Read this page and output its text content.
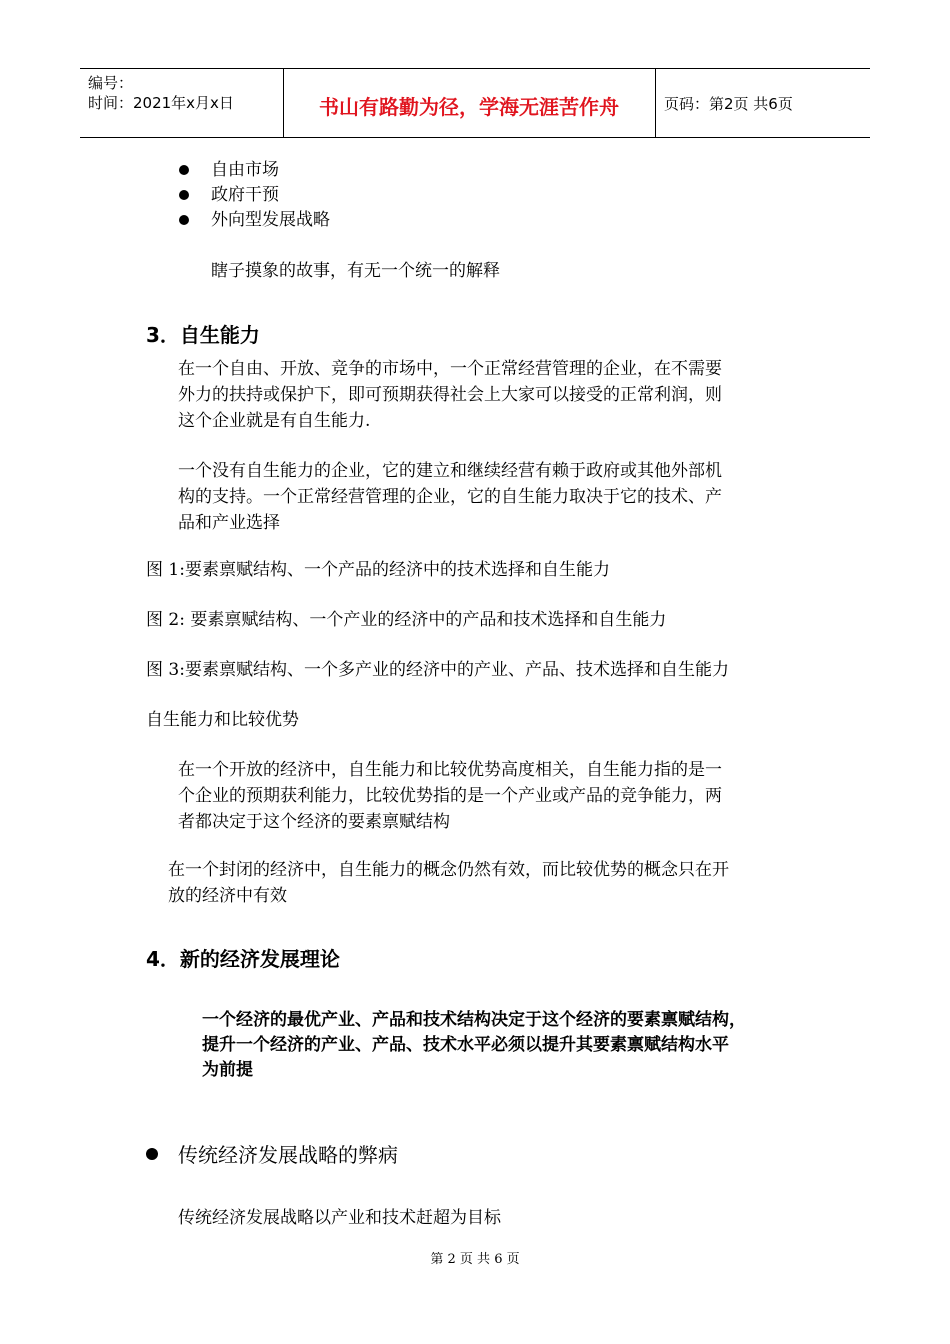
编号：
时间：2021年x月x日	书山有路勤为径，学海无涯苦作舟	页码：第2页 共6页
自由市场
政府干预
外向型发展战略
瞎子摸象的故事，有无一个统一的解释
3．自生能力
在一个自由、开放、竞争的市场中，一个正常经营管理的企业，在不需要
外力的扶持或保护下，即可预期获得社会上大家可以接受的正常利润，则
这个企业就是有自生能力.
一个没有自生能力的企业，它的建立和继续经营有赖于政府或其他外部机
构的支持。一个正常经营管理的企业，它的自生能力取决于它的技术、产
品和产业选择
图 1:要素禀赋结构、一个产品的经济中的技术选择和自生能力
图 2: 要素禀赋结构、一个产业的经济中的产品和技术选择和自生能力
图 3:要素禀赋结构、一个多产业的经济中的产业、产品、技术选择和自生能力
自生能力和比较优势
在一个开放的经济中，自生能力和比较优势高度相关，自生能力指的是一
个企业的预期获利能力，比较优势指的是一个产业或产品的竞争能力，两
者都决定于这个经济的要素禀赋结构
在一个封闭的经济中，自生能力的概念仍然有效，而比较优势的概念只在开
放的经济中有效
4．新的经济发展理论
一个经济的最优产业、产品和技术结构决定于这个经济的要素禀赋结构，
提升一个经济的产业、产品、技术水平必须以提升其要素禀赋结构水平
为前提
传统经济发展战略的弊病
传统经济发展战略以产业和技术赶超为目标
第 2 页 共 6 页
